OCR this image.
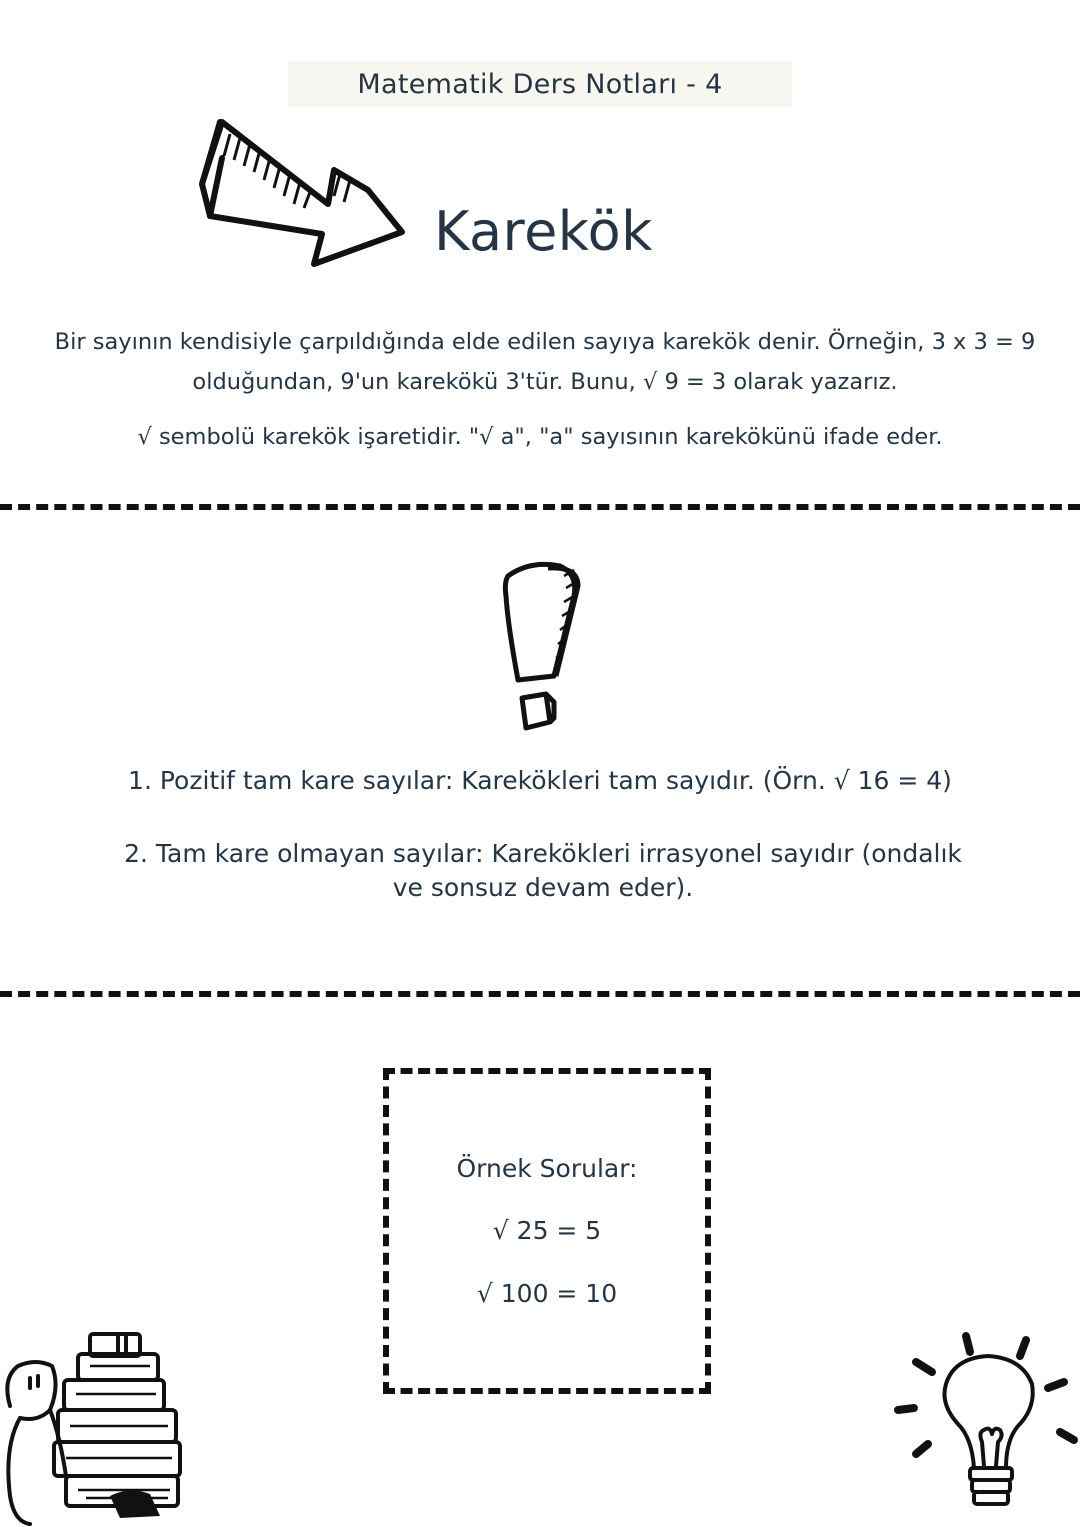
Matematik Ders Notları - 4
Karekök
Bir sayının kendisiyle çarpıldığında elde edilen sayıya karekök denir. Örneğin, 3 x 3 = 9
olduğundan, 9'un karekökü 3'tür. Bunu, √ 9 = 3 olarak yazarız.
√ sembolü karekök işaretidir. "√ a", "a" sayısının karekökünü ifade eder.
1. Pozitif tam kare sayılar: Karekökleri tam sayıdır. (Örn. √ 16 = 4)
2. Tam kare olmayan sayılar: Karekökleri irrasyonel sayıdır (ondalık
ve sonsuz devam eder).
Örnek Sorular:
√ 25 = 5
√ 100 = 10
